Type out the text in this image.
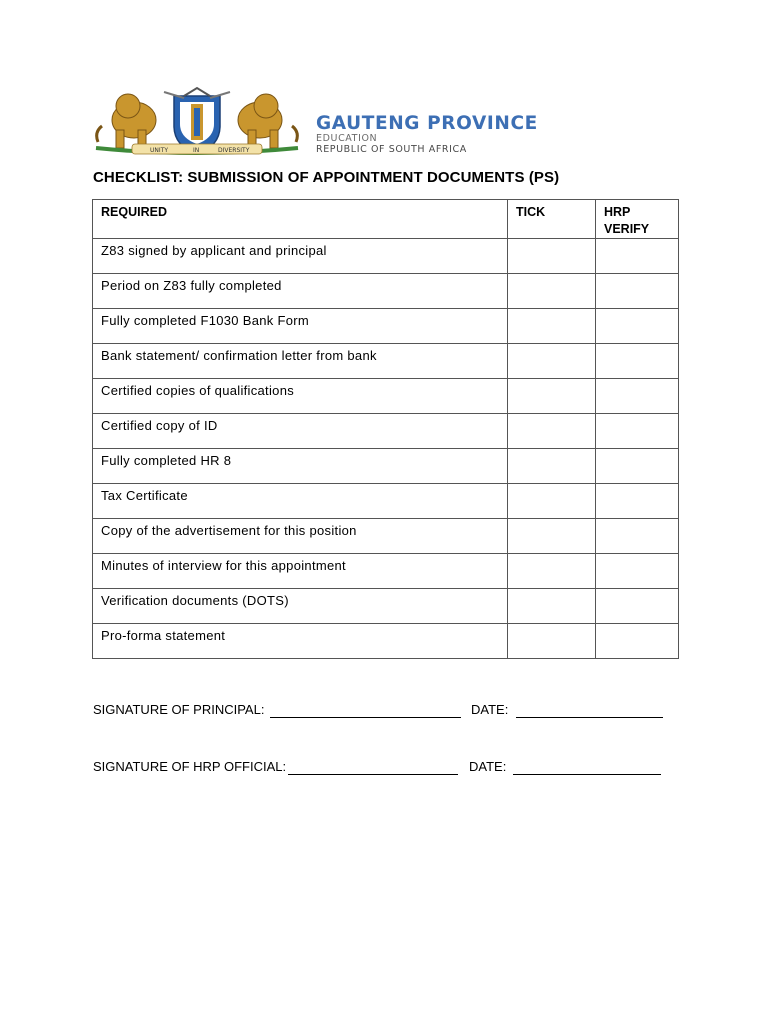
UNITY	IN	DIVERSITY
GAUTENG PROVINCE
EDUCATION
REPUBLIC OF SOUTH AFRICA
CHECKLIST: SUBMISSION OF APPOINTMENT DOCUMENTS (PS)
REQUIRED	TICK	HRP VERIFY
Z83 signed by applicant and principal		
Period on Z83 fully completed		
Fully completed F1030 Bank Form		
Bank statement/ confirmation letter from bank		
Certified copies of qualifications		
Certified copy of ID		
Fully completed HR 8		
Tax Certificate		
Copy of the advertisement for this position		
Minutes of interview for this appointment		
Verification documents (DOTS)		
Pro-forma statement		
SIGNATURE OF PRINCIPAL:	DATE:
SIGNATURE OF HRP OFFICIAL:	DATE:
